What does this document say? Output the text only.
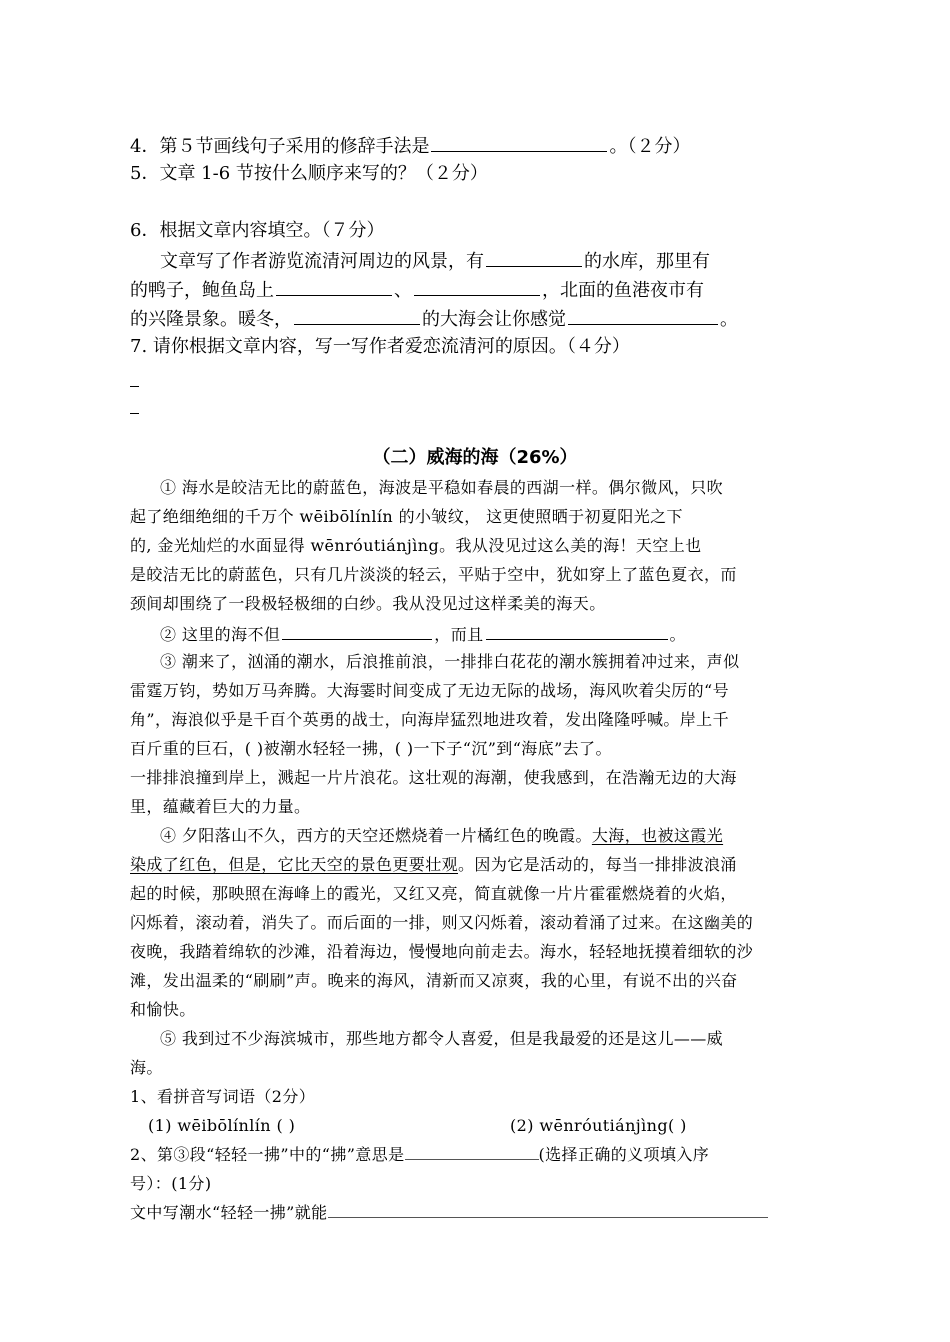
4．第５节画线句子采用的修辞手法是	。（２分）
5．文章 1-6 节按什么顺序来写的？（２分）
6．根据文章内容填空。（７分）
文章写了作者游览流清河周边的风景，有	的水库，那里有
的鸭子，鲍鱼岛上	、	，北面的鱼港夜市有
的兴隆景象。暖冬，	的大海会让你感觉	。
7. 请你根据文章内容，写一写作者爱恋流清河的原因。（４分）
（二）威海的海（26%）
① 海水是皎洁无比的蔚蓝色，海波是平稳如春晨的西湖一样。偶尔微风，只吹
起了绝细绝细的千万个 wēibōlínlín 的小皱纹， 这更使照晒于初夏阳光之下
的, 金光灿烂的水面显得 wēnróutiánjìng。我从没见过这么美的海！天空上也
是皎洁无比的蔚蓝色，只有几片淡淡的轻云，平贴于空中，犹如穿上了蓝色夏衣，而
颈间却围绕了一段极轻极细的白纱。我从没见过这样柔美的海天。
② 这里的海不但	，而且	。
③ 潮来了，汹涌的潮水，后浪推前浪，一排排白花花的潮水簇拥着冲过来，声似
雷霆万钧，势如万马奔腾。大海霎时间变成了无边无际的战场，海风吹着尖厉的“号
角”，海浪似乎是千百个英勇的战士，向海岸猛烈地进攻着，发出隆隆呼喊。岸上千
百斤重的巨石，( )被潮水轻轻一拂，( )一下子“沉”到“海底”去了。
一排排浪撞到岸上，溅起一片片浪花。这壮观的海潮，使我感到，在浩瀚无边的大海
里，蕴藏着巨大的力量。
④ 夕阳落山不久，西方的天空还燃烧着一片橘红色的晚霞。大海，也被这霞光
染成了红色，但是，它比天空的景色更要壮观。因为它是活动的，每当一排排波浪涌
起的时候，那映照在海峰上的霞光，又红又亮，简直就像一片片霍霍燃烧着的火焰，
闪烁着，滚动着，消失了。而后面的一排，则又闪烁着，滚动着涌了过来。在这幽美的
夜晚，我踏着绵软的沙滩，沿着海边，慢慢地向前走去。海水，轻轻地抚摸着细软的沙
滩，发出温柔的“刷刷”声。晚来的海风，清新而又凉爽，我的心里，有说不出的兴奋
和愉快。
⑤ 我到过不少海滨城市，那些地方都令人喜爱，但是我最爱的还是这儿——威
海。
1、看拼音写词语（2分）
(1) wēibōlínlín ( )	(2) wēnróutiánjìng( )
2、第③段“轻轻一拂”中的“拂”意思是	(选择正确的义项填入序
号）：(1分)
文中写潮水“轻轻一拂”就能
